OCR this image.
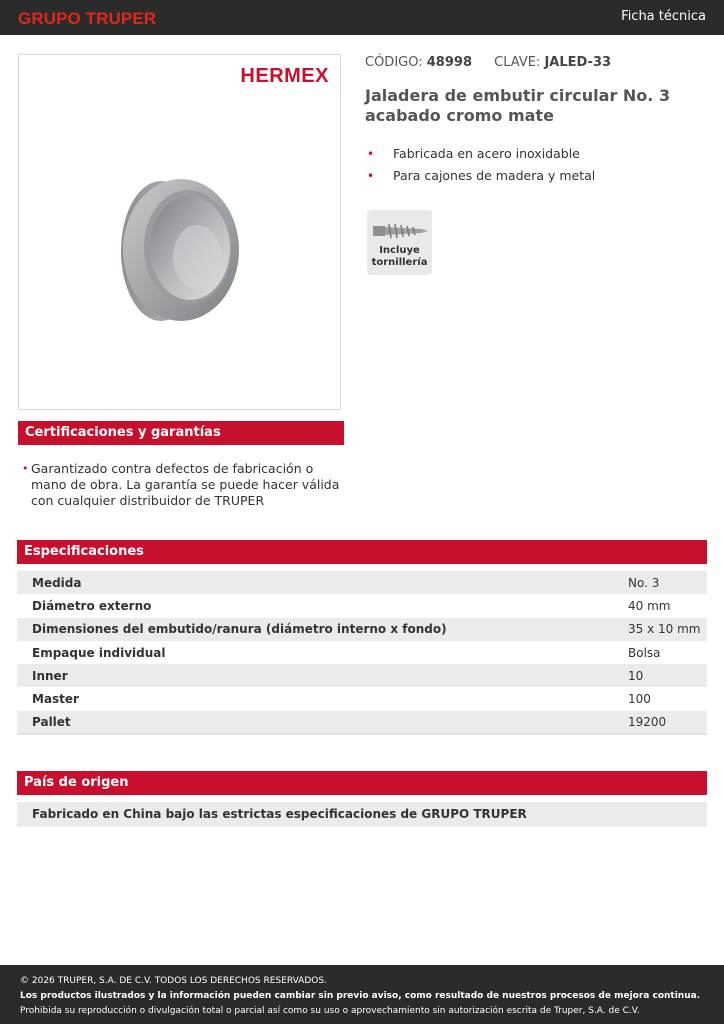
GRUPO TRUPER	Ficha técnica
HERMEX
CÓDIGO: 48998 CLAVE: JALED-33
Jaladera de embutir circular No. 3 acabado cromo mate
• Fabricada en acero inoxidable
• Para cajones de madera y metal
Incluye
tornillería
Certificaciones y garantías
• Garantizado contra defectos de fabricación o mano de obra. La garantía se puede hacer válida con cualquier distribuidor de TRUPER
Especificaciones
Medida	No. 3
Diámetro externo	40 mm
Dimensiones del embutido/ranura (diámetro interno x fondo)	35 x 10 mm
Empaque individual	Bolsa
Inner	10
Master	100
Pallet	19200
País de origen
Fabricado en China bajo las estrictas especificaciones de GRUPO TRUPER
© 2026 TRUPER, S.A. DE C.V. TODOS LOS DERECHOS RESERVADOS.
Los productos ilustrados y la información pueden cambiar sin previo aviso, como resultado de nuestros procesos de mejora continua.
Prohibida su reproducción o divulgación total o parcial así como su uso o aprovechamiento sin autorización escrita de Truper, S.A. de C.V.
